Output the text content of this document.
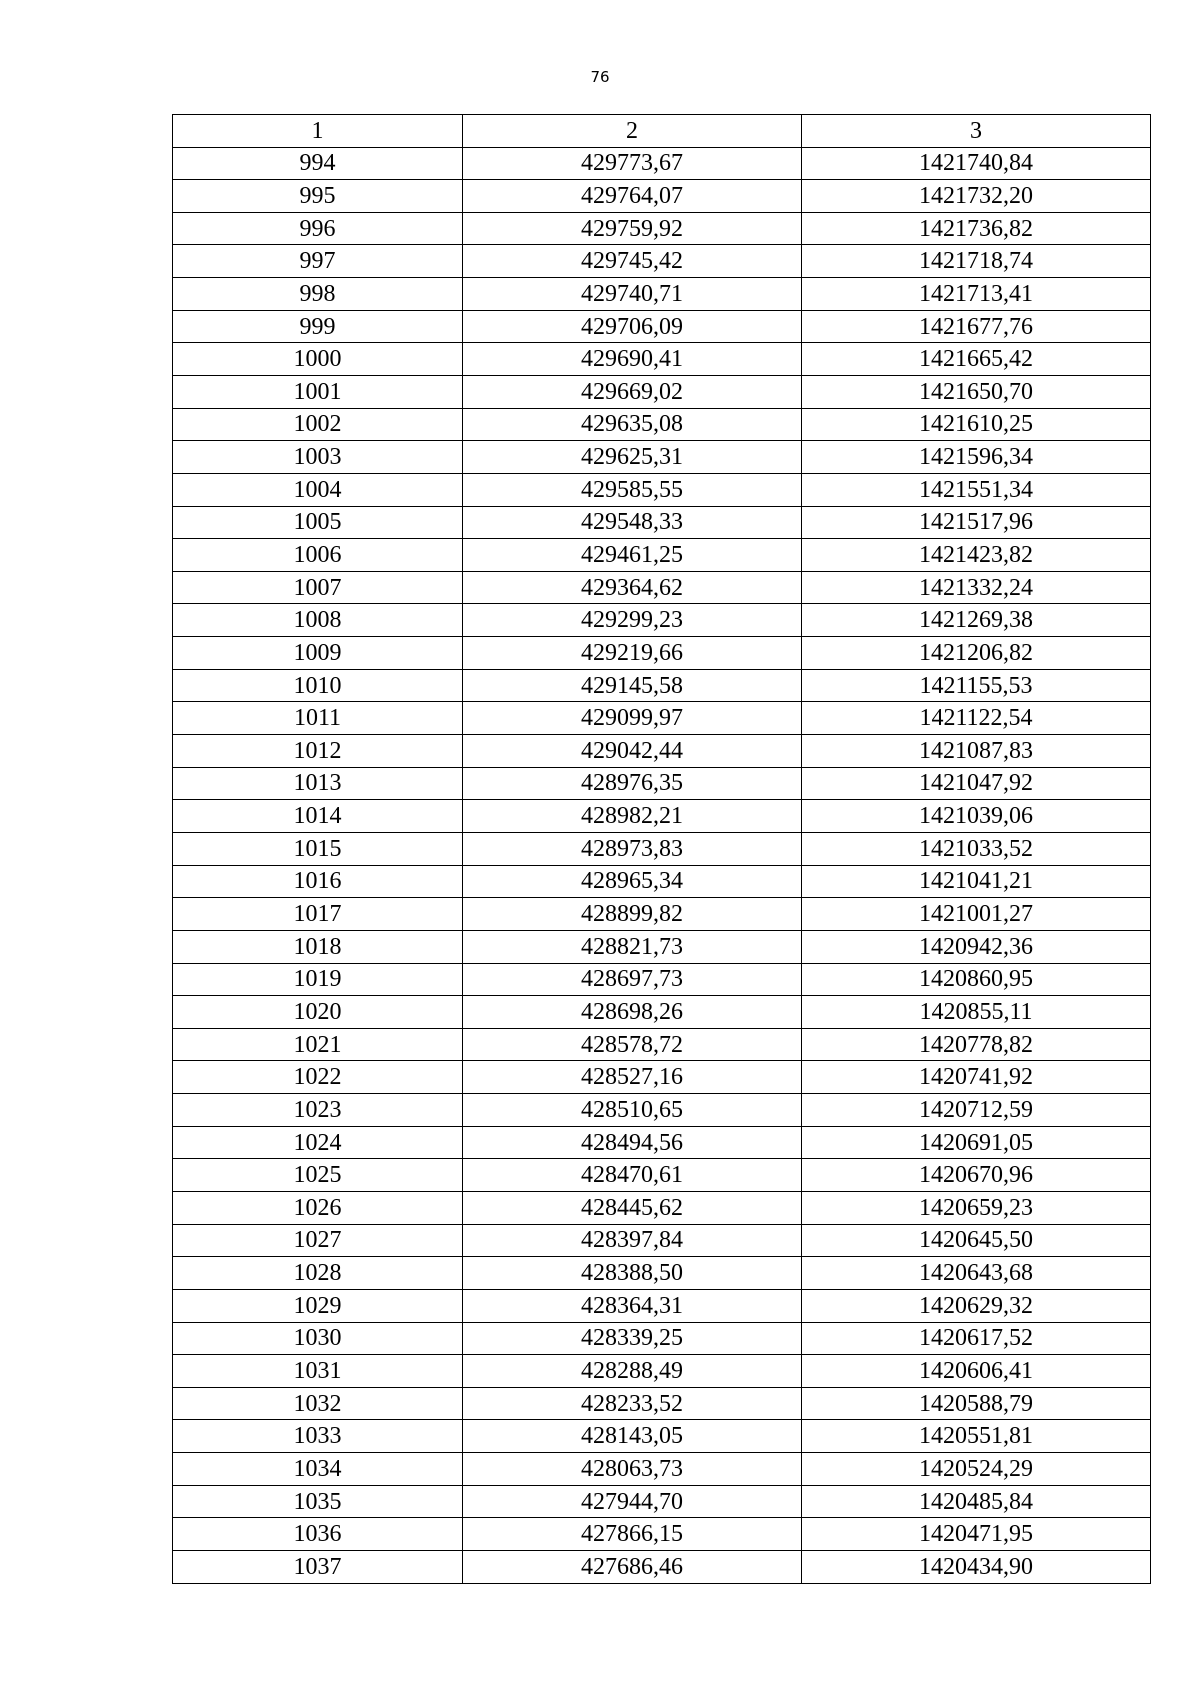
76
1	2	3
994	429773,67	1421740,84
995	429764,07	1421732,20
996	429759,92	1421736,82
997	429745,42	1421718,74
998	429740,71	1421713,41
999	429706,09	1421677,76
1000	429690,41	1421665,42
1001	429669,02	1421650,70
1002	429635,08	1421610,25
1003	429625,31	1421596,34
1004	429585,55	1421551,34
1005	429548,33	1421517,96
1006	429461,25	1421423,82
1007	429364,62	1421332,24
1008	429299,23	1421269,38
1009	429219,66	1421206,82
1010	429145,58	1421155,53
1011	429099,97	1421122,54
1012	429042,44	1421087,83
1013	428976,35	1421047,92
1014	428982,21	1421039,06
1015	428973,83	1421033,52
1016	428965,34	1421041,21
1017	428899,82	1421001,27
1018	428821,73	1420942,36
1019	428697,73	1420860,95
1020	428698,26	1420855,11
1021	428578,72	1420778,82
1022	428527,16	1420741,92
1023	428510,65	1420712,59
1024	428494,56	1420691,05
1025	428470,61	1420670,96
1026	428445,62	1420659,23
1027	428397,84	1420645,50
1028	428388,50	1420643,68
1029	428364,31	1420629,32
1030	428339,25	1420617,52
1031	428288,49	1420606,41
1032	428233,52	1420588,79
1033	428143,05	1420551,81
1034	428063,73	1420524,29
1035	427944,70	1420485,84
1036	427866,15	1420471,95
1037	427686,46	1420434,90
